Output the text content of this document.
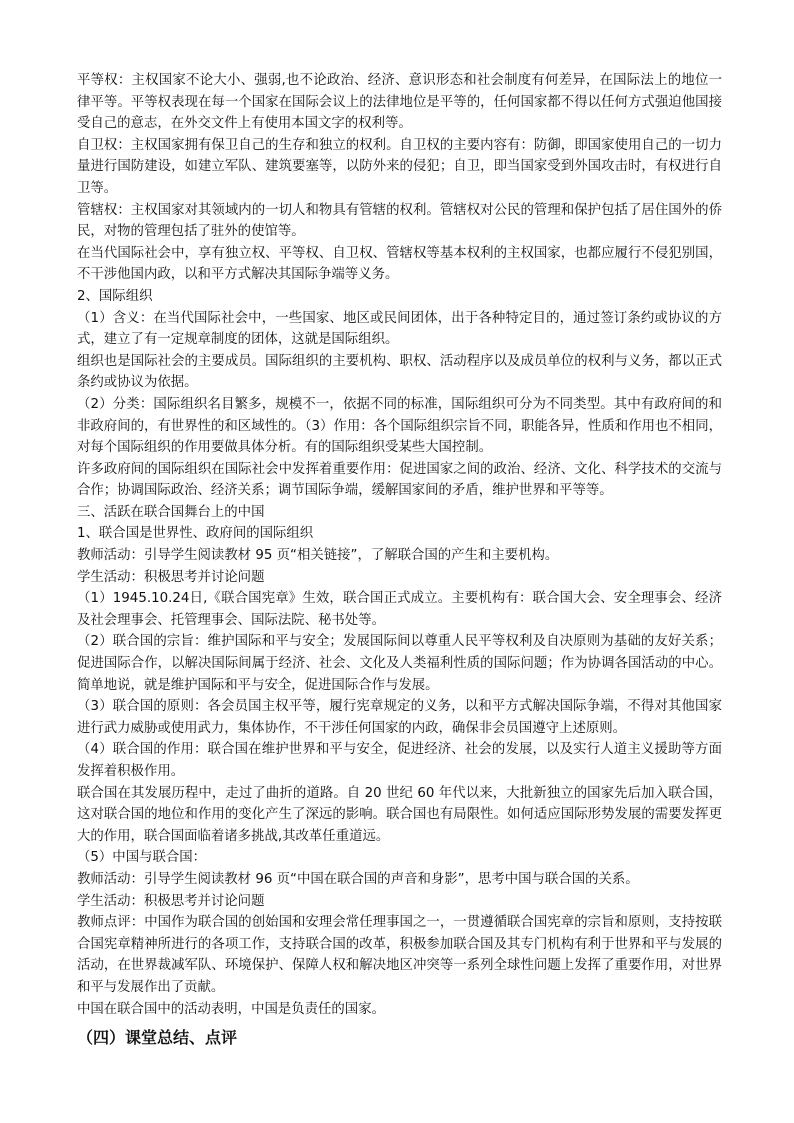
平等权：主权国家不论大小、强弱,也不论政治、经济、意识形态和社会制度有何差异，在国际法上的地位一律平等。平等权表现在每一个国家在国际会议上的法律地位是平等的，任何国家都不得以任何方式强迫他国接受自己的意志，在外交文件上有使用本国文字的权利等。

自卫权：主权国家拥有保卫自己的生存和独立的权利。自卫权的主要内容有：防御，即国家使用自己的一切力量进行国防建设，如建立军队、建筑要塞等，以防外来的侵犯；自卫，即当国家受到外国攻击时，有权进行自卫等。

管辖权：主权国家对其领域内的一切人和物具有管辖的权利。管辖权对公民的管理和保护包括了居住国外的侨民，对物的管理包括了驻外的使馆等。

在当代国际社会中，享有独立权、平等权、自卫权、管辖权等基本权利的主权国家，也都应履行不侵犯别国，不干涉他国内政，以和平方式解决其国际争端等义务。

2、国际组织

（1）含义：在当代国际社会中，一些国家、地区或民间团体，出于各种特定目的，通过签订条约或协议的方式，建立了有一定规章制度的团体，这就是国际组织。

组织也是国际社会的主要成员。国际组织的主要机构、职权、活动程序以及成员单位的权利与义务，都以正式条约或协议为依据。

（2）分类：国际组织名目繁多，规模不一，依据不同的标准，国际组织可分为不同类型。其中有政府间的和非政府间的，有世界性的和区域性的。（3）作用：各个国际组织宗旨不同，职能各异，性质和作用也不相同，对每个国际组织的作用要做具体分析。有的国际组织受某些大国控制。

许多政府间的国际组织在国际社会中发挥着重要作用：促进国家之间的政治、经济、文化、科学技术的交流与合作；协调国际政治、经济关系；调节国际争端，缓解国家间的矛盾，维护世界和平等等。

三、活跃在联合国舞台上的中国

1、联合国是世界性、政府间的国际组织

教师活动：引导学生阅读教材 95 页“相关链接”，了解联合国的产生和主要机构。

学生活动：积极思考并讨论问题

（1）1945.10.24日,《联合国宪章》生效，联合国正式成立。主要机构有：联合国大会、安全理事会、经济及社会理事会、托管理事会、国际法院、秘书处等。

（2）联合国的宗旨：维护国际和平与安全；发展国际间以尊重人民平等权利及自决原则为基础的友好关系；促进国际合作，以解决国际间属于经济、社会、文化及人类福利性质的国际问题；作为协调各国活动的中心。简单地说，就是维护国际和平与安全，促进国际合作与发展。

（3）联合国的原则：各会员国主权平等，履行宪章规定的义务，以和平方式解决国际争端，不得对其他国家进行武力威胁或使用武力，集体协作，不干涉任何国家的内政，确保非会员国遵守上述原则。

（4）联合国的作用：联合国在维护世界和平与安全，促进经济、社会的发展，以及实行人道主义援助等方面发挥着积极作用。

联合国在其发展历程中，走过了曲折的道路。自 20 世纪 60 年代以来，大批新独立的国家先后加入联合国，这对联合国的地位和作用的变化产生了深远的影响。联合国也有局限性。如何适应国际形势发展的需要发挥更大的作用，联合国面临着诸多挑战,其改革任重道远。

（5）中国与联合国：

教师活动：引导学生阅读教材 96 页“中国在联合国的声音和身影”，思考中国与联合国的关系。

学生活动：积极思考并讨论问题

教师点评：中国作为联合国的创始国和安理会常任理事国之一，一贯遵循联合国宪章的宗旨和原则，支持按联合国宪章精神所进行的各项工作，支持联合国的改革，积极参加联合国及其专门机构有利于世界和平与发展的活动，在世界裁减军队、环境保护、保障人权和解决地区冲突等一系列全球性问题上发挥了重要作用，对世界和平与发展作出了贡献。

中国在联合国中的活动表明，中国是负责任的国家。

（四）课堂总结、点评
